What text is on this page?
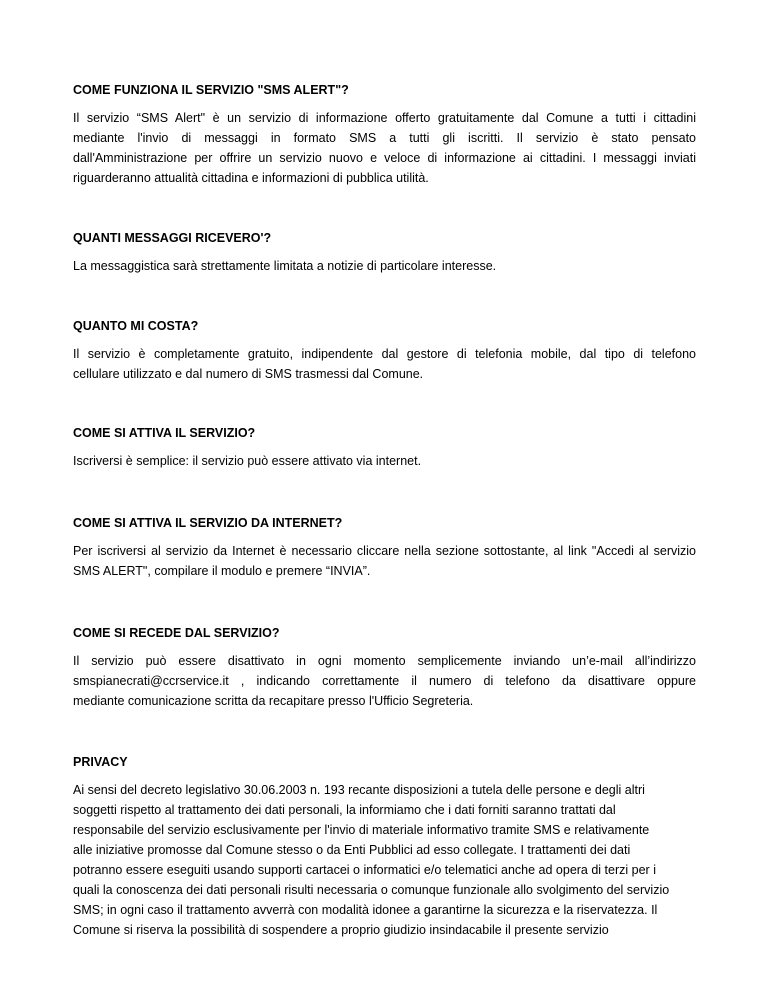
COME FUNZIONA IL SERVIZIO "SMS ALERT"?

Il servizio “SMS Alert" è un servizio di informazione offerto gratuitamente dal Comune a tutti i cittadini
mediante l'invio di messaggi in formato SMS a tutti gli iscritti. Il servizio è stato pensato
dall'Amministrazione per offrire un servizio nuovo e veloce di informazione ai cittadini. I messaggi inviati
riguarderanno attualità cittadina e informazioni di pubblica utilità.

QUANTI MESSAGGI RICEVERO'?

La messaggistica sarà strettamente limitata a notizie di particolare interesse.

QUANTO MI COSTA?

Il servizio è completamente gratuito, indipendente dal gestore di telefonia mobile, dal tipo di telefono
cellulare utilizzato e dal numero di SMS trasmessi dal Comune.

COME SI ATTIVA IL SERVIZIO?

Iscriversi è semplice: il servizio può essere attivato via internet.

COME SI ATTIVA IL SERVIZIO DA INTERNET?

Per iscriversi al servizio da Internet è necessario cliccare nella sezione sottostante, al link "Accedi al servizio
SMS ALERT", compilare il modulo e premere “INVIA”.

COME SI RECEDE DAL SERVIZIO?

Il servizio può essere disattivato in ogni momento semplicemente inviando un’e-mail all’indirizzo
smspianecrati@ccrservice.it , indicando correttamente il numero di telefono da disattivare oppure
mediante comunicazione scritta da recapitare presso l'Ufficio Segreteria.

PRIVACY

Ai sensi del decreto legislativo 30.06.2003 n. 193 recante disposizioni a tutela delle persone e degli altri
soggetti rispetto al trattamento dei dati personali, la informiamo che i dati forniti saranno trattati dal
responsabile del servizio esclusivamente per l'invio di materiale informativo tramite SMS e relativamente
alle iniziative promosse dal Comune stesso o da Enti Pubblici ad esso collegate. I trattamenti dei dati
potranno essere eseguiti usando supporti cartacei o informatici e/o telematici anche ad opera di terzi per i
quali la conoscenza dei dati personali risulti necessaria o comunque funzionale allo svolgimento del servizio
SMS; in ogni caso il trattamento avverrà con modalità idonee a garantirne la sicurezza e la riservatezza. Il
Comune si riserva la possibilità di sospendere a proprio giudizio insindacabile il presente servizio
